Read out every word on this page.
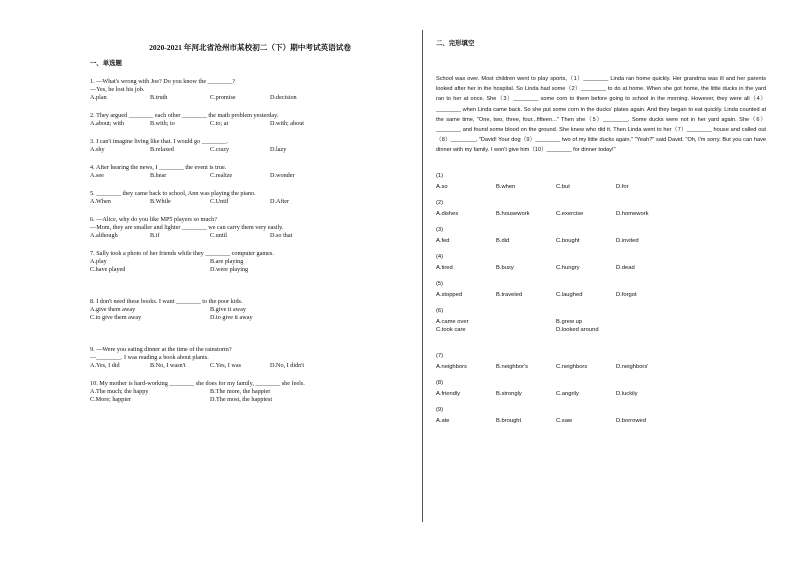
2020-2021 年河北省沧州市某校初二（下）期中考试英语试卷
一、单选题
1. —What's wrong with Joe? Do you know the ________?
—Yes, he lost his job.
A.plan	B.truth	C.promise	D.decision
2. They argued ________ each other ________ the math problem yesterday.
A.about; with	B.with; to	C.to; at	D.with; about
3. I can't imagine living like that. I would go ________.
A.shy	B.relaxed	C.crazy	D.lazy
4. After hearing the news, I ________ the event is true.
A.see	B.hear	C.realize	D.wonder
5. ________ they came back to school, Ann was playing the piano.
A.When	B.While	C.Until	D.After
6. —Alice, why do you like MP5 players so much?
—Mom, they are smaller and lighter ________ we can carry them very easily.
A.although	B.if	C.until	D.so that
7. Sally took a photo of her friends while they ________ computer games.
A.play	B.are playing
C.have played	D.were playing
8. I don't need these books. I want ________ to the poor kids.
A.give them away	B.give it away
C.to give them away	D.to give it away
9. —Were you eating dinner at the time of the rainstorm?
—________. I was reading a book about plants.
A.Yes, I did	B.No, I wasn't	C.Yes, I was	D.No, I didn't
10. My mother is hard-working ________ she does for my family, ________ she feels.
A.The much; the happy	B.The more, the happier
C.More; happier	D.The most, the happiest
二、完形填空
School was over. Most children went to play sports,（1）________ Linda ran home quickly. Her grandma was ill and her parents looked after her in the hospital. So Linda had some（2）________ to do at home. When she got home, the little ducks in the yard ran to her at once. She（3）________ some corn to them before going to school in the morning. However, they were all（4）________ when Linda came back. So she put some corn in the ducks' plates again. And they began to eat quickly. Linda counted at the same time, "One, two, three, four...fifteen..." Then she（5）________. Some ducks were not in her yard again. She（6）________ and found some blood on the ground. She knew who did it. Then Linda went to her（7）________ house and called out（8）________, "David! Your dog（9）________ two of my little ducks again." "Yeah?" said David. "Oh, I'm sorry. But you can have dinner with my family. I won't give him（10）________ for dinner today!"
(1)
A.so	B.when	C.but	D.for
(2)
A.dishes	B.housework	C.exercise	D.homework
(3)
A.fed	B.did	C.bought	D.invited
(4)
A.tired	B.busy	C.hungry	D.dead
(5)
A.stopped	B.traveled	C.laughed	D.forgot
(6)
A.came over	B.grew up
C.took care	D.looked around
(7)
A.neighbors	B.neighbor's	C.neighbors	D.neighbors'
(8)
A.friendly	B.strongly	C.angrily	D.luckily
(9)
A.ate	B.brought	C.saw	D.borrowed
